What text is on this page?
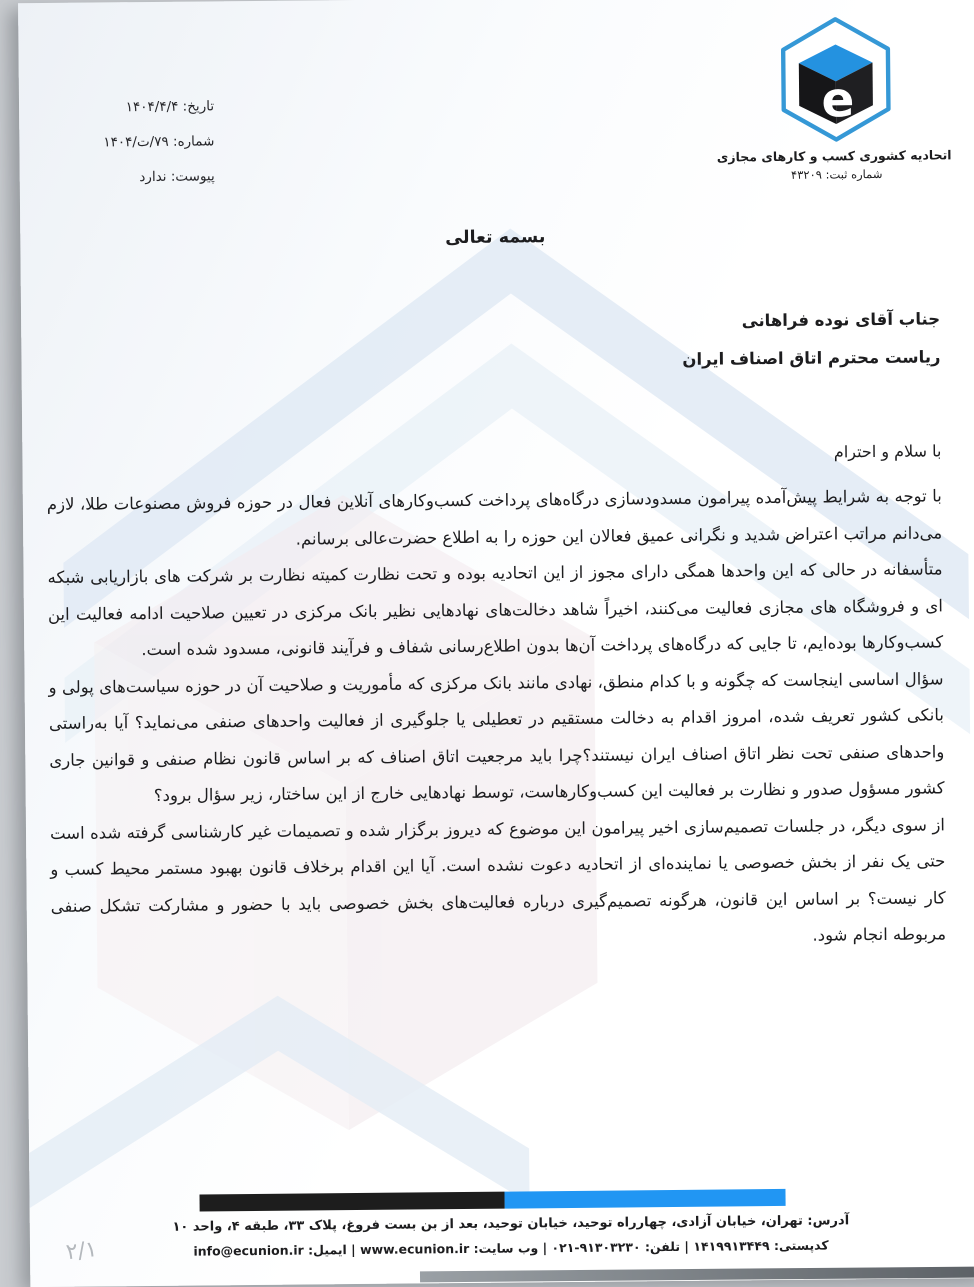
تاریخ: ۱۴۰۴/۴/۴
شماره: ۷۹/ت/۱۴۰۴
پیوست: ندارد
e
اتحادیه کشوری کسب و کارهای مجازی
شماره ثبت: ۴۳۲۰۹
بسمه تعالی
جناب آقای نوده فراهانی
ریاست محترم اتاق اصناف ایران
با سلام و احترام

با توجه به شرایط پیش‌آمده پیرامون مسدودسازی درگاه‌های پرداخت کسب‌وکارهای آنلاین فعال در حوزه فروش مصنوعات طلا، لازم می‌دانم مراتب اعتراض شدید و نگرانی عمیق فعالان این حوزه را به اطلاع حضرت‌عالی برسانم.

متأسفانه در حالی که این واحدها همگی دارای مجوز از این اتحادیه بوده و تحت نظارت کمیته نظارت بر شرکت های بازاریابی شبکه ای و فروشگاه های مجازی فعالیت می‌کنند، اخیراً شاهد دخالت‌های نهادهایی نظیر بانک مرکزی در تعیین صلاحیت ادامه فعالیت این کسب‌وکارها بوده‌ایم، تا جایی که درگاه‌های پرداخت آن‌ها بدون اطلاع‌رسانی شفاف و فرآیند قانونی، مسدود شده است.

سؤال اساسی اینجاست که چگونه و با کدام منطق، نهادی مانند بانک مرکزی که مأموریت و صلاحیت آن در حوزه سیاست‌های پولی و بانکی کشور تعریف شده، امروز اقدام به دخالت مستقیم در تعطیلی یا جلوگیری از فعالیت واحدهای صنفی می‌نماید؟ آیا به‌راستی واحدهای صنفی تحت نظر اتاق اصناف ایران نیستند؟چرا باید مرجعیت اتاق اصناف که بر اساس قانون نظام صنفی و قوانین جاری کشور مسؤول صدور و نظارت بر فعالیت این کسب‌وکارهاست، توسط نهادهایی خارج از این ساختار، زیر سؤال برود؟

از سوی دیگر، در جلسات تصمیم‌سازی اخیر پیرامون این موضوع که دیروز برگزار شده و تصمیمات غیر کارشناسی گرفته شده است حتی یک نفر از بخش خصوصی یا نماینده‌ای از اتحادیه دعوت نشده است. آیا این اقدام برخلاف قانون بهبود مستمر محیط کسب و کار نیست؟ بر اساس این قانون، هرگونه تصمیم‌گیری درباره فعالیت‌های بخش خصوصی باید با حضور و مشارکت تشکل صنفی مربوطه انجام شود.

آدرس: تهران، خیابان آزادی، چهارراه توحید، خیابان توحید، بعد از بن بست فروغ، پلاک ۳۳، طبقه ۴، واحد ۱۰
کدپستی: ۱۴۱۹۹۱۳۴۴۹ | تلفن: ۹۱۳۰۳۲۳۰-۰۲۱ | وب سایت: www.ecunion.ir | ایمیل: info@ecunion.ir
۲/۱
